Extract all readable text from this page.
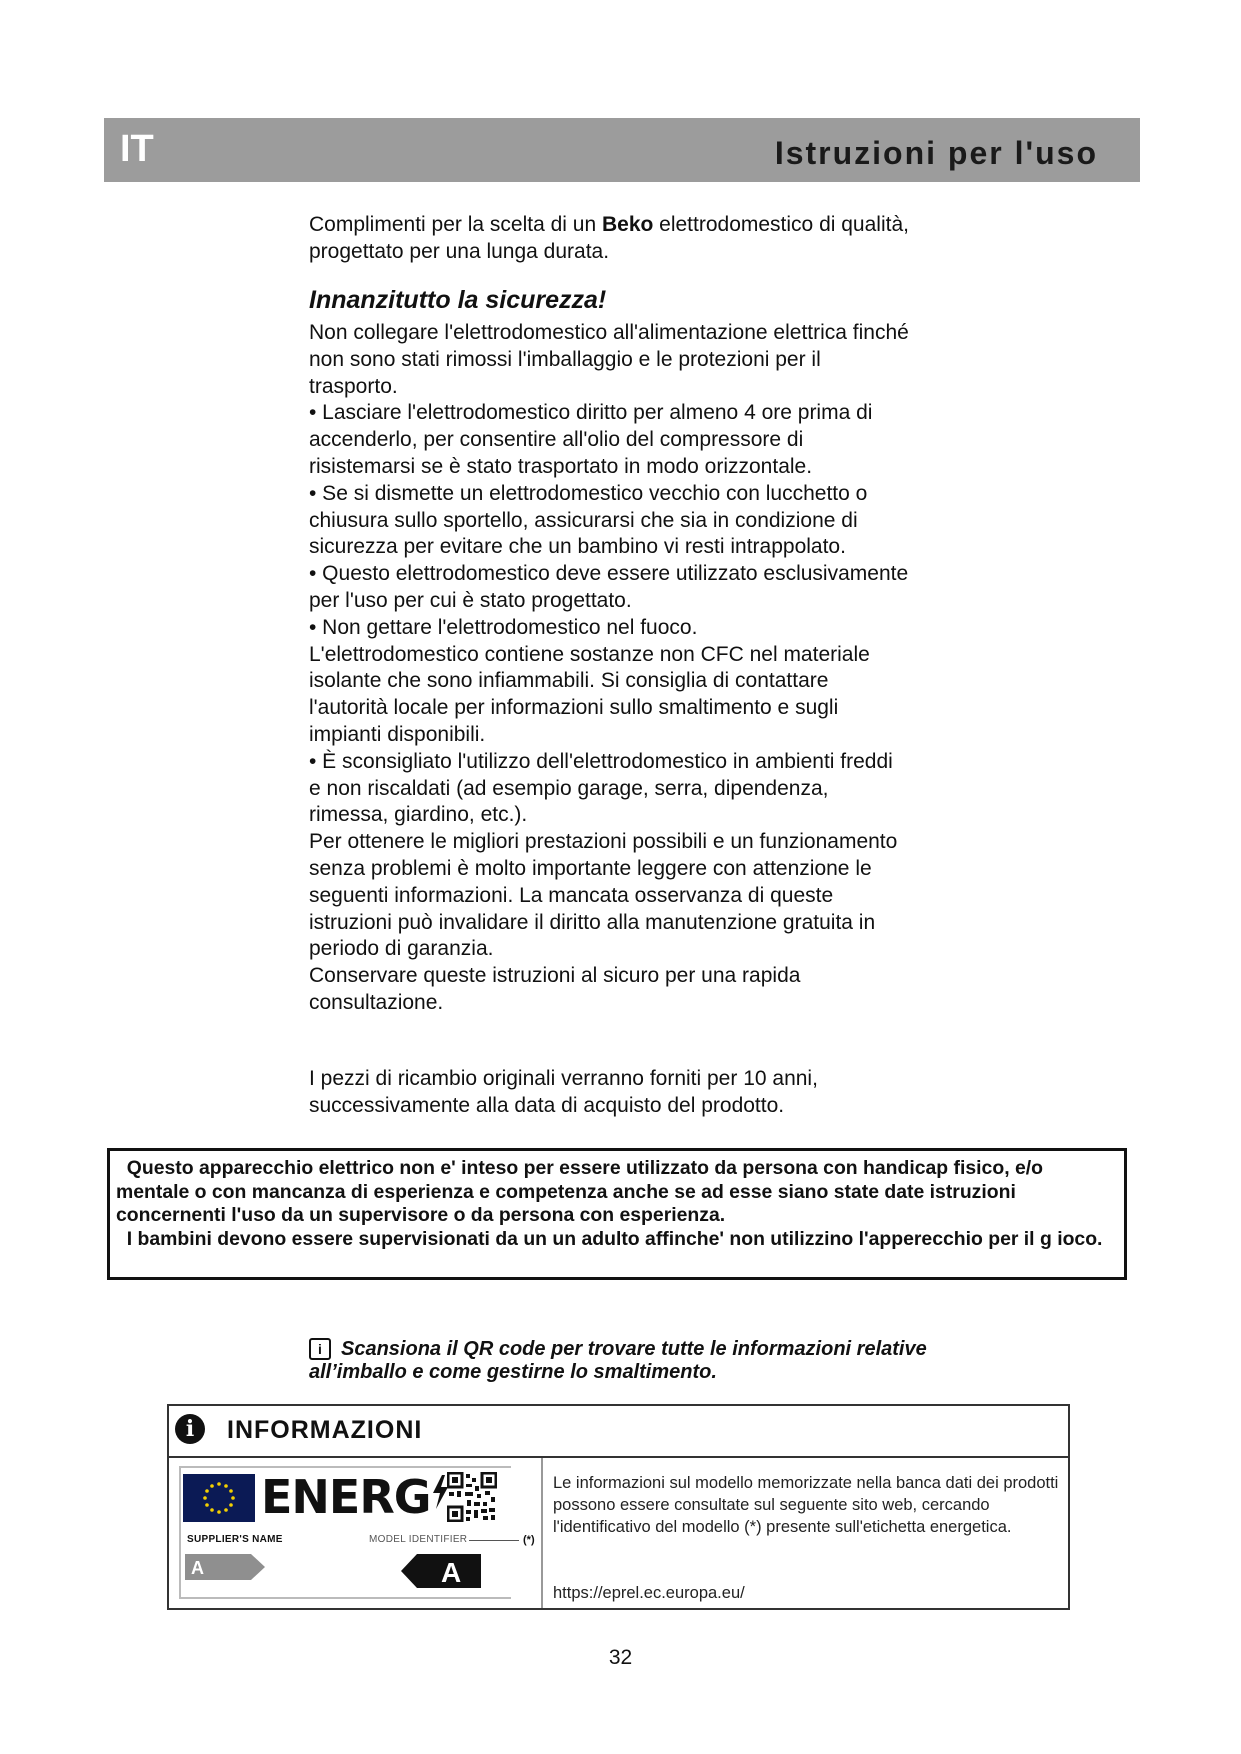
IT	Istruzioni per l'uso
Complimenti per la scelta di un Beko elettrodomestico di qualità, progettato per una lunga durata.
Innanzitutto la sicurezza!

Non collegare l'elettrodomestico all'alimentazione elettrica finché non sono stati rimossi l'imballaggio e le protezioni per il trasporto.

• Lasciare l'elettrodomestico diritto per almeno 4 ore prima di accenderlo, per consentire all'olio del compressore di risistemarsi se è stato trasportato in modo orizzontale.

• Se si dismette un elettrodomestico vecchio con lucchetto o chiusura sullo sportello, assicurarsi che sia in condizione di sicurezza per evitare che un bambino vi resti intrappolato.

• Questo elettrodomestico deve essere utilizzato esclusivamente per l'uso per cui è stato progettato.

• Non gettare l'elettrodomestico nel fuoco.

L'elettrodomestico contiene sostanze non CFC nel materiale isolante che sono infiammabili. Si consiglia di contattare l'autorità locale per informazioni sullo smaltimento e sugli impianti disponibili.

• È sconsigliato l'utilizzo dell'elettrodomestico in ambienti freddi e non riscaldati (ad esempio garage, serra, dipendenza, rimessa, giardino, etc.).

Per ottenere le migliori prestazioni possibili e un funzionamento senza problemi è molto importante leggere con attenzione le seguenti informazioni. La mancata osservanza di queste istruzioni può invalidare il diritto alla manutenzione gratuita in periodo di garanzia.

Conservare queste istruzioni al sicuro per una rapida consultazione.

I pezzi di ricambio originali verranno forniti per 10 anni, successivamente alla data di acquisto del prodotto.

Questo apparecchio elettrico non e' inteso per essere utilizzato da persona con handicap fisico, e/o mentale o con mancanza di esperienza e competenza anche se ad esse siano state date istruzioni concernenti l'uso da un supervisore o da persona con esperienza.

I bambini devono essere supervisionati da un un adulto affinche' non utilizzino l'apperecchio per il g ioco.

i Scansiona il QR code per trovare tutte le informazioni relative all’imballo e come gestirne lo smaltimento.
i	INFORMAZIONI
ENERG
SUPPLIER'S NAME	MODEL IDENTIFIER	(*)
A	A
Le informazioni sul modello memorizzate nella banca dati dei prodotti possono essere consultate sul seguente sito web, cercando l'identificativo del modello (*) presente sull'etichetta energetica.
https://eprel.ec.europa.eu/
32
